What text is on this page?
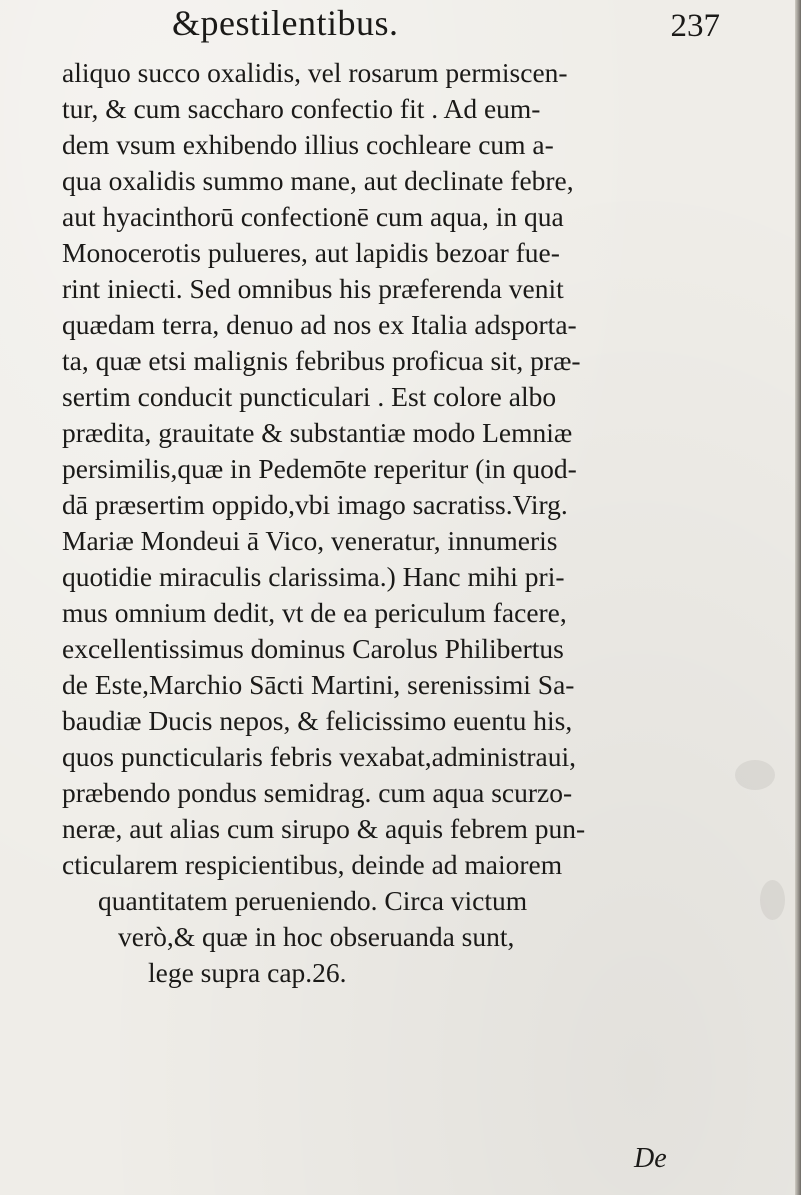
&pestilentibus.	237
aliquo succo oxalidis, vel rosarum permiscen-
tur, & cum saccharo confectio fit . Ad eum-
dem vsum exhibendo illius cochleare cum a-
qua oxalidis summo mane, aut declinate febre,
aut hyacinthorū confectionē cum aqua, in qua
Monocerotis pulueres, aut lapidis bezoar fue-
rint iniecti. Sed omnibus his præferenda venit
quædam terra, denuo ad nos ex Italia adsporta-
ta, quæ etsi malignis febribus proficua sit, præ-
sertim conducit puncticulari . Est colore albo
prædita, grauitate & substantiæ modo Lemniæ
persimilis,quæ in Pedemōte reperitur (in quod-
dā præsertim oppido,vbi imago sacratiss.Virg.
Mariæ Mondeui ā Vico, veneratur, innumeris
quotidie miraculis clarissima.) Hanc mihi pri-
mus omnium dedit, vt de ea periculum facere,
excellentissimus dominus Carolus Philibertus
de Este,Marchio Sācti Martini, serenissimi Sa-
baudiæ Ducis nepos, & felicissimo euentu his,
quos puncticularis febris vexabat,administraui,
præbendo pondus semidrag. cum aqua scurzo-
neræ, aut alias cum sirupo & aquis febrem pun-
cticularem respicientibus, deinde ad maiorem
quantitatem perueniendo. Circa victum
verò,& quæ in hoc obseruanda sunt,
lege supra cap.26.
De
